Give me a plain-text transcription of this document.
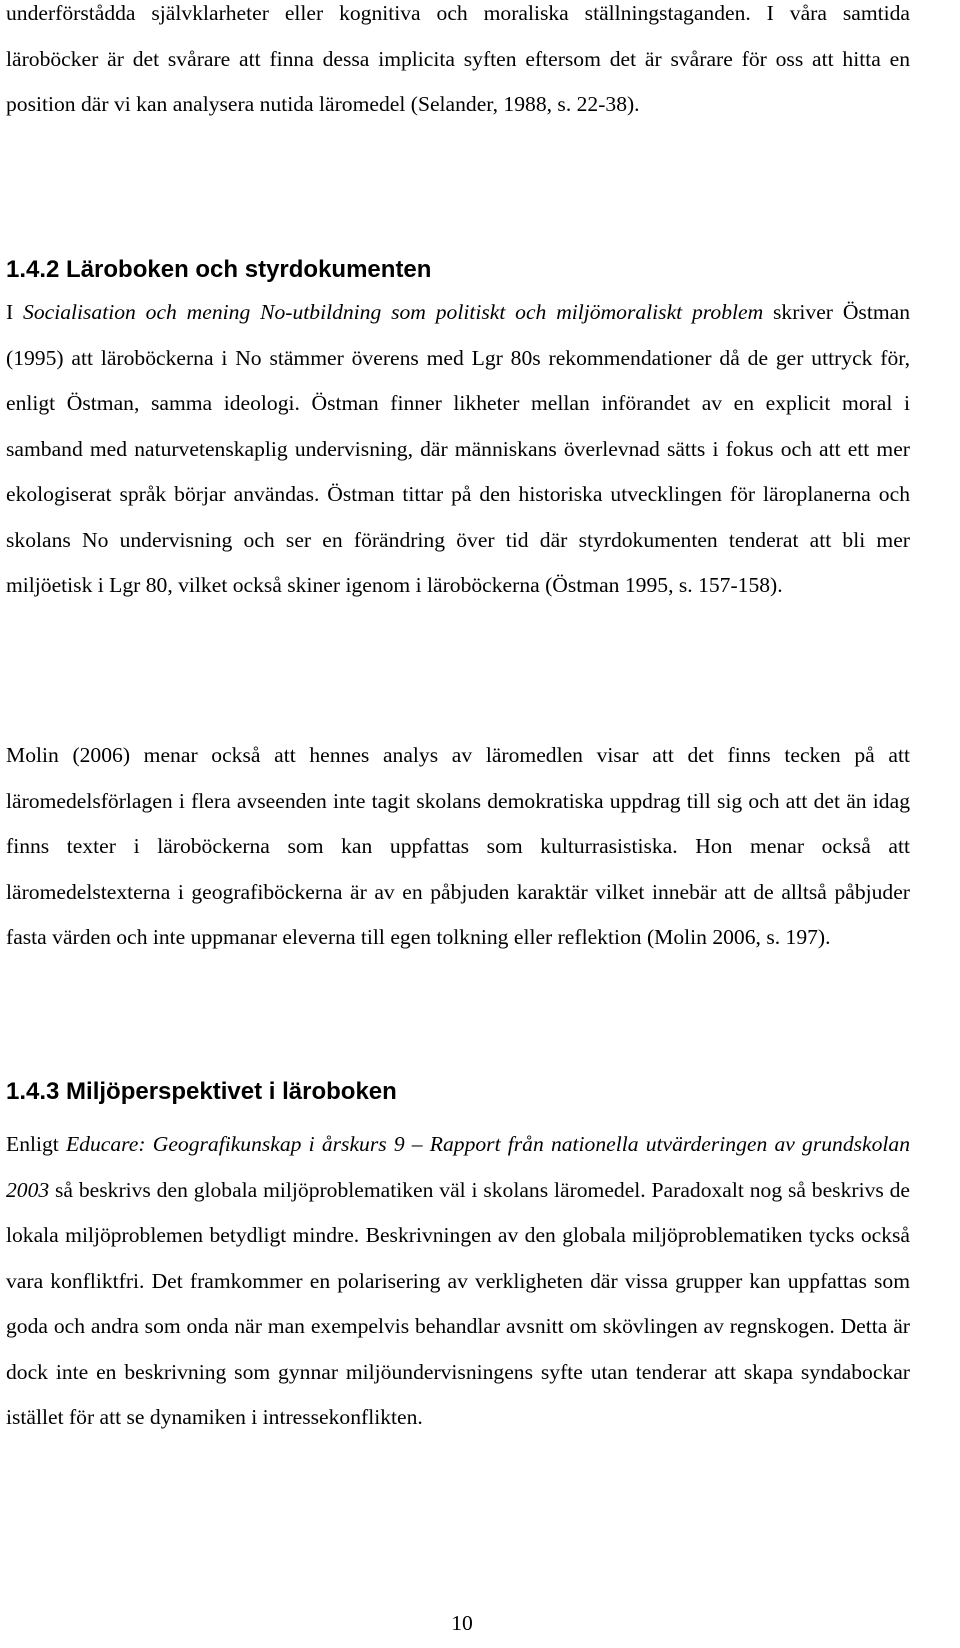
underförstådda självklarheter eller kognitiva och moraliska ställningstaganden. I våra samtida läroböcker är det svårare att finna dessa implicita syften eftersom det är svårare för oss att hitta en position där vi kan analysera nutida läromedel (Selander, 1988, s. 22-38).

1.4.2 Läroboken och styrdokumenten

I Socialisation och mening No-utbildning som politiskt och miljömoraliskt problem skriver Östman (1995) att läroböckerna i No stämmer överens med Lgr 80s rekommendationer då de ger uttryck för, enligt Östman, samma ideologi. Östman finner likheter mellan införandet av en explicit moral i samband med naturvetenskaplig undervisning, där människans överlevnad sätts i fokus och att ett mer ekologiserat språk börjar användas. Östman tittar på den historiska utvecklingen för läroplanerna och skolans No undervisning och ser en förändring över tid där styrdokumenten tenderat att bli mer miljöetisk i Lgr 80, vilket också skiner igenom i läroböckerna (Östman 1995, s. 157-158).

Molin (2006) menar också att hennes analys av läromedlen visar att det finns tecken på att läromedelsförlagen i flera avseenden inte tagit skolans demokratiska uppdrag till sig och att det än idag finns texter i läroböckerna som kan uppfattas som kulturrasistiska. Hon menar också att läromedelstexterna i geografiböckerna är av en påbjuden karaktär vilket innebär att de alltså påbjuder fasta värden och inte uppmanar eleverna till egen tolkning eller reflektion (Molin 2006, s. 197).

1.4.3 Miljöperspektivet i läroboken

Enligt Educare: Geografikunskap i årskurs 9 – Rapport från nationella utvärderingen av grundskolan 2003 så beskrivs den globala miljöproblematiken väl i skolans läromedel. Paradoxalt nog så beskrivs de lokala miljöproblemen betydligt mindre. Beskrivningen av den globala miljöproblematiken tycks också vara konfliktfri. Det framkommer en polarisering av verkligheten där vissa grupper kan uppfattas som goda och andra som onda när man exempelvis behandlar avsnitt om skövlingen av regnskogen. Detta är dock inte en beskrivning som gynnar miljöundervisningens syfte utan tenderar att skapa syndabockar istället för att se dynamiken i intressekonflikten.

10
